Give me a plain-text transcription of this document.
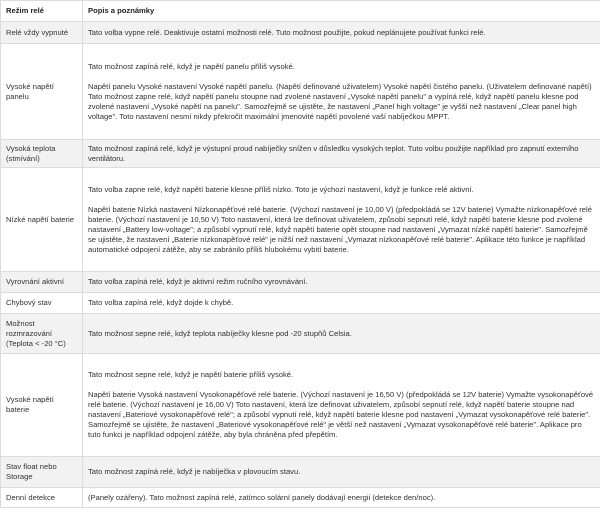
Režim relé	Popis a poznámky
Relé vždy vypnuté	Tato volba vypne relé. Deaktivuje ostatní možnosti relé. Tuto možnost použijte, pokud neplánujete používat funkci relé.

Vysoké napětí panelu	Tato možnost zapíná relé, když je napětí panelu příliš vysoké.

Napětí panelu Vysoké nastavení Vysoké napětí panelu. (Napětí definované uživatelem) Vysoké napětí čistého panelu. (Uživatelem definované napětí) Tato možnost zapne relé, když napětí panelu stoupne nad zvolené nastavení „Vysoké napětí panelu" a vypíná relé, když napětí panelu klesne pod zvolené nastavení „Vysoké napětí na panelu". Samozřejmě se ujistěte, že nastavení „Panel high voltage" je vyšší než nastavení „Clear panel high voltage". Toto nastavení nesmí nikdy překročit maximální jmenovité napětí povolené vaší nabíječkou MPPT.

Vysoká teplota (stmívání)	Tato možnost zapíná relé, když je výstupní proud nabíječky snížen v důsledku vysokých teplot. Tuto volbu použijte například pro zapnutí externího ventilátoru.

Nízké napětí baterie	Tato volba zapne relé, když napětí baterie klesne příliš nízko. Toto je výchozí nastavení, když je funkce relé aktivní.

Napětí baterie Nízká nastavení Nízkonapěťové relé baterie. (Výchozí nastavení je 10,00 V) (předpokládá se 12V baterie) Vymažte nízkonapěťové relé baterie. (Výchozí nastavení je 10,50 V) Toto nastavení, která lze definovat uživatelem, způsobí sepnutí relé, když napětí baterie klesne pod zvolené nastavení „Battery low-voltage"; a způsobí vypnutí relé, když napětí baterie opět stoupne nad nastavení „Vymazat nízké napětí baterie". Samozřejmě se ujistěte, že nastavení „Baterie nízkonapěťové relé" je nižší než nastavení „Vymazat nízkonapěťové relé baterie". Aplikace této funkce je například automatické odpojení zátěže, aby se zabránilo příliš hlubokému vybití baterie.

Vyrovnání aktivní	Tato volba zapíná relé, když je aktivní režim ručního vyrovnávání.

Chybový stav	Tato volba zapíná relé, když dojde k chybě.

Možnost rozmrazování (Teplota < -20 °C)	Tato možnost sepne relé, když teplota nabíječky klesne pod -20 stupňů Celsia.

Vysoké napětí baterie	Tato možnost sepne relé, když je napětí baterie příliš vysoké.

Napětí baterie Vysoká nastavení Vysokonapěťové relé baterie. (Výchozí nastavení je 16,50 V) (předpokládá se 12V baterie) Vymažte vysokonapěťové relé baterie. (Výchozí nastavení je 16,00 V) Toto nastavení, která lze definovat uživatelem, způsobí sepnutí relé, když napětí baterie stoupne nad nastavení „Bateriové vysokonapěťové relé"; a způsobí vypnutí relé, když napětí baterie klesne pod nastavení „Vymazat vysokonapěťové relé baterie". Samozřejmě se ujistěte, že nastavení „Bateriové vysokonapěťové relé" je větší než nastavení „Vymazat vysokonapěťové relé baterie". Aplikace pro tuto funkci je například odpojení zátěže, aby byla chráněna před přepětím.

Stav float nebo Storage	Tato možnost zapíná relé, když je nabíječka v plovoucím stavu.

Denní detekce	(Panely ozářeny). Tato možnost zapíná relé, zatímco solární panely dodávají energii (detekce den/noc).
